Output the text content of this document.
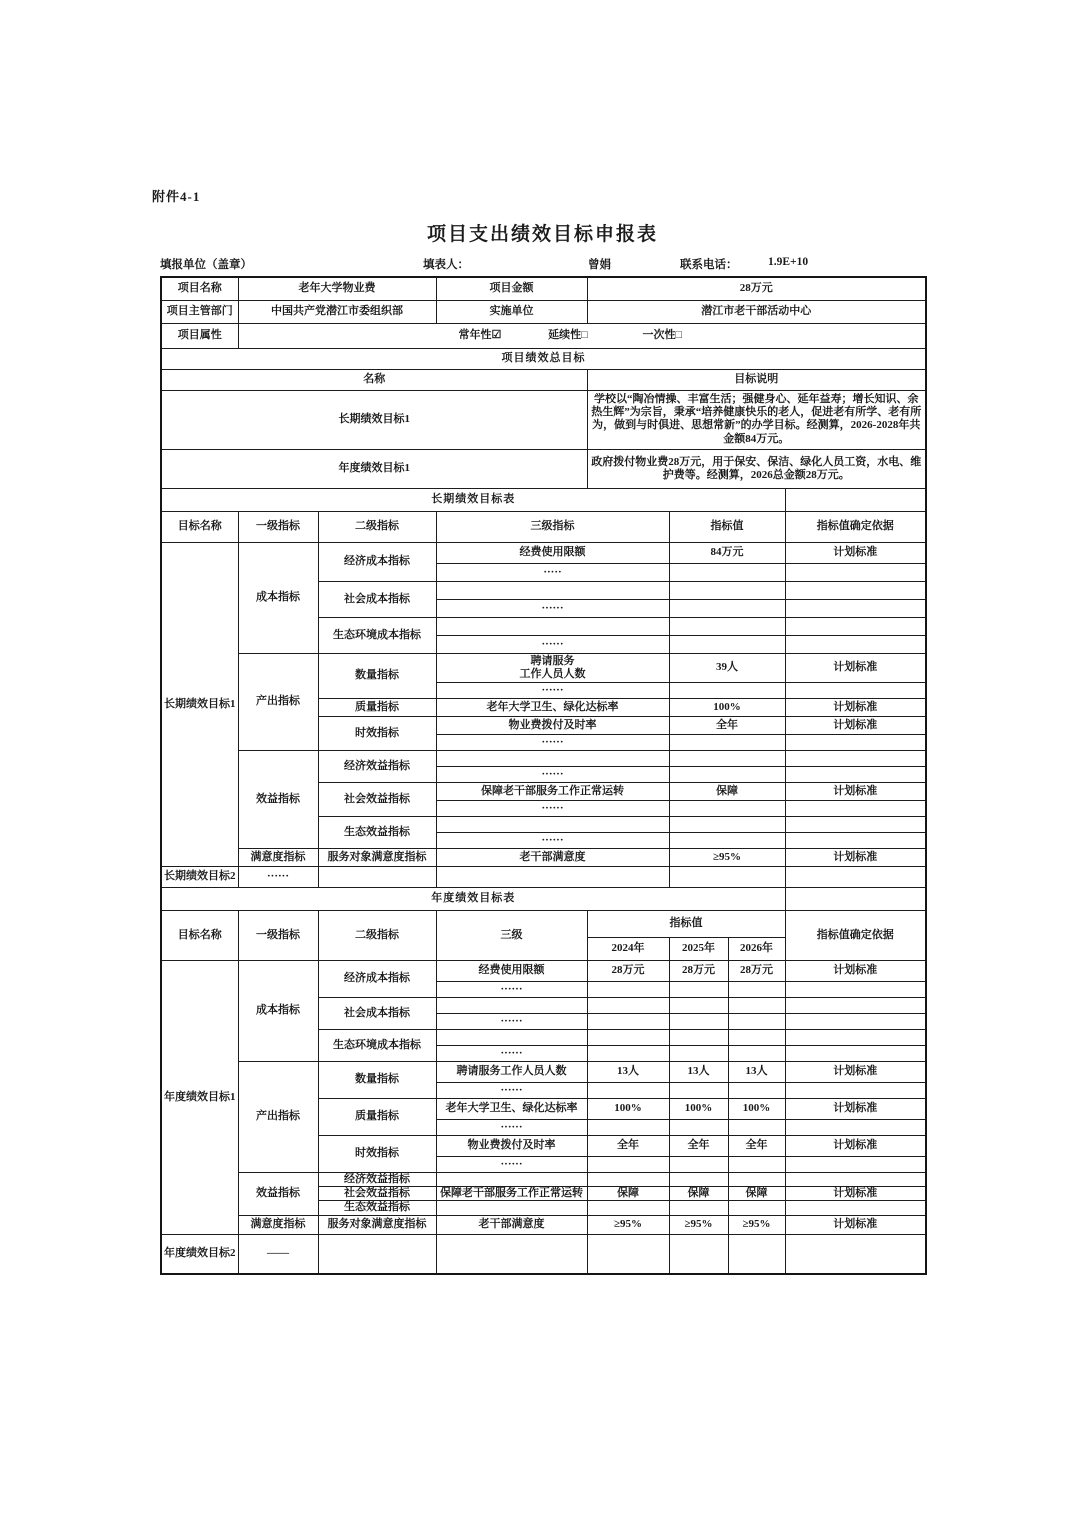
附件4-1
项目支出绩效目标申报表
填报单位（盖章）	填表人：	曾娟	联系电话：	1.9E+10
项目名称	老年大学物业费		项目金额	28万元			
项目主管部门	中国共产党潜江市委组织部		实施单位	潜江市老干部活动中心			
项目属性	常年性☑ 延续性□ 一次性□						
项目绩效总目标							
名称				目标说明			
长期绩效目标1				学校以“陶冶情操、丰富生活；强健身心、延年益寿；增长知识、余热生辉”为宗旨，秉承“培养健康快乐的老人，促进老有所学、老有所为，做到与时俱进、思想常新”的办学目标。经测算，2026-2028年共金额84万元。			

年度绩效目标1				政府拨付物业费28万元，用于保安、保洁、绿化人员工资，水电、维护费等。经测算，2026总金额28万元。			
长期绩效目标表							
目标名称	一级指标	二级指标	三级指标		指标值		指标值确定依据
长期绩效目标1	成本指标	经济成本指标	经费使用限额		84万元		计划标准
			·····				
		社会成本指标					
			······				
		生态环境成本指标					
			······				
	产出指标	数量指标	聘请服务
工作人员人数		39人		计划标准
			······				
		质量指标	老年大学卫生、绿化达标率		100%		计划标准
		时效指标	物业费拨付及时率		全年		计划标准
			······				
	效益指标	经济效益指标					
			······				
		社会效益指标	保障老干部服务工作正常运转		保障		计划标准
			······				
		生态效益指标					
			······				
	满意度指标	服务对象满意度指标	老干部满意度		≥95%		计划标准
长期绩效目标2	······						
年度绩效目标表							
目标名称	一级指标	二级指标	三级	指标值			指标值确定依据
				2024年	2025年	2026年	
年度绩效目标1	成本指标	经济成本指标	经费使用限额	28万元	28万元	28万元	计划标准
			······				
		社会成本指标					
			······				
		生态环境成本指标					
			······				
	产出指标	数量指标	聘请服务工作人员人数	13人	13人	13人	计划标准
			······				
		质量指标	老年大学卫生、绿化达标率	100%	100%	100%	计划标准
			······				
		时效指标	物业费拨付及时率	全年	全年	全年	计划标准
			······				
	效益指标	经济效益指标					
		社会效益指标	保障老干部服务工作正常运转	保障	保障	保障	计划标准
		生态效益指标					
	满意度指标	服务对象满意度指标	老干部满意度	≥95%	≥95%	≥95%	计划标准
年度绩效目标2	——						
